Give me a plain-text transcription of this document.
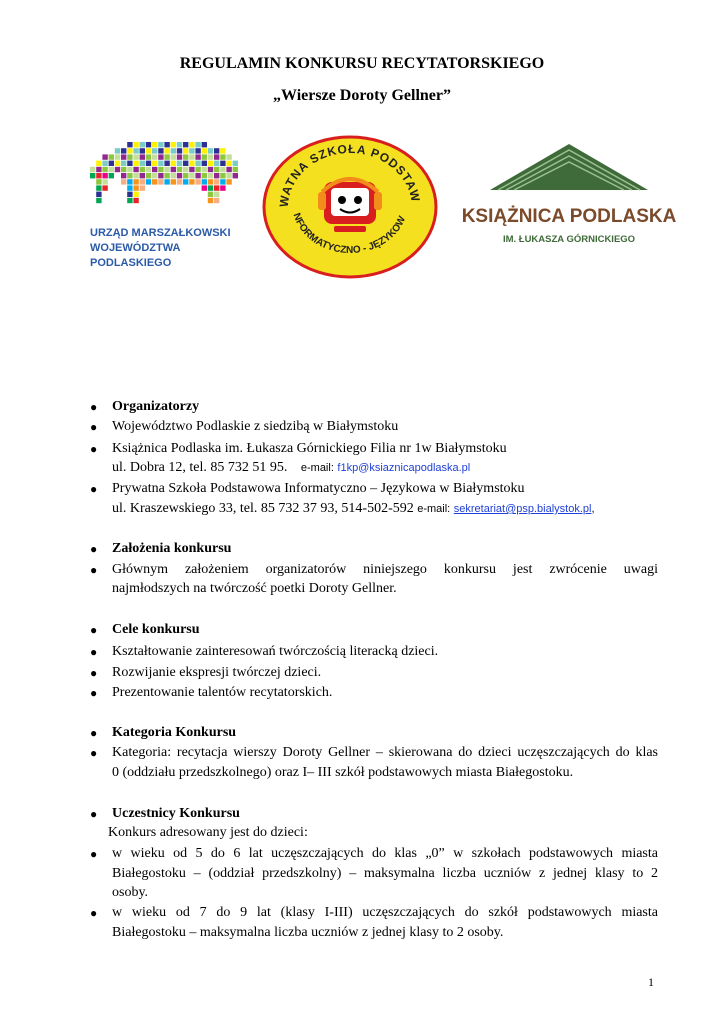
REGULAMIN KONKURSU RECYTATORSKIEGO
„Wiersze Doroty Gellner”
URZĄD MARSZAŁKOWSKI
WOJEWÓDZTWA
PODLASKIEGO
WATNA SZKOŁA PODSTAW
NFORMATYCZNO - JĘZYKOW	KSIĄŻNICA PODLASKA
IM. ŁUKASZA GÓRNICKIEGO
● Organizatorzy
● Województwo Podlaskie z siedzibą w Białymstoku
● Książnica Podlaska im. Łukasza Górnickiego Filia nr 1w Białymstoku
ul. Dobra 12, tel. 85 732 51 95. e-mail: f1kp@ksiaznicapodlaska.pl
● Prywatna Szkoła Podstawowa Informatyczno – Językowa w Białymstoku
ul. Kraszewskiego 33, tel. 85 732 37 93, 514-502-592 e-mail: sekretariat@psp.bialystok.pl,
● Założenia konkursu
● Głównym założeniem organizatorów niniejszego konkursu jest zwrócenie uwagi
najmłodszych na twórczość poetki Doroty Gellner.
● Cele konkursu
● Kształtowanie zainteresowań twórczością literacką dzieci.
● Rozwijanie ekspresji twórczej dzieci.
● Prezentowanie talentów recytatorskich.
● Kategoria Konkursu
● Kategoria: recytacja wierszy Doroty Gellner – skierowana do dzieci uczęszczających do klas
0 (oddziału przedszkolnego) oraz I– III szkół podstawowych miasta Białegostoku.
● Uczestnicy Konkursu
Konkurs adresowany jest do dzieci:
● w wieku od 5 do 6 lat uczęszczających do klas „0” w szkołach podstawowych miasta
Białegostoku – (oddział przedszkolny) – maksymalna liczba uczniów z jednej klasy to 2
osoby.
● w wieku od 7 do 9 lat (klasy I-III) uczęszczających do szkół podstawowych miasta
Białegostoku – maksymalna liczba uczniów z jednej klasy to 2 osoby.
1
